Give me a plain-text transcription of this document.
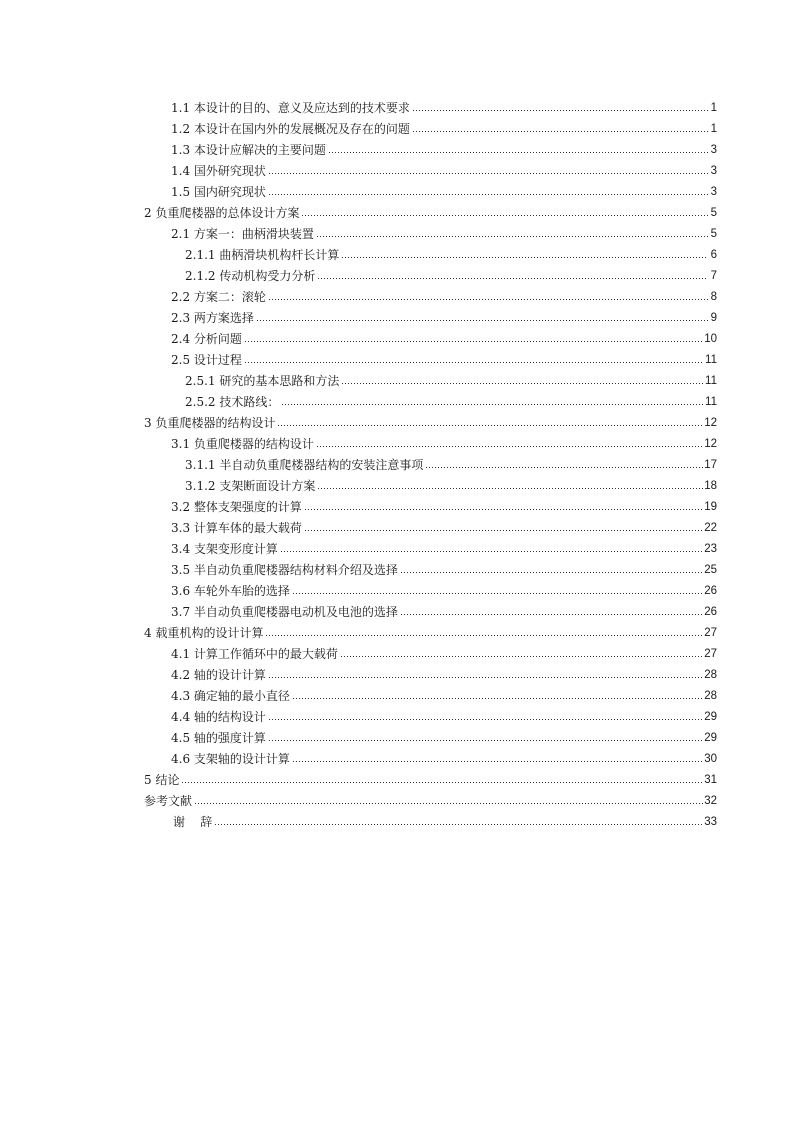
1.1 本设计的目的、意义及应达到的技术要求	1
1.2 本设计在国内外的发展概况及存在的问题	1
1.3 本设计应解决的主要问题	3
1.4 国外研究现状	3
1.5 国内研究现状	3
2 负重爬楼器的总体设计方案	5
2.1 方案一：曲柄滑块装置	5
2.1.1 曲柄滑块机构杆长计算	6
2.1.2 传动机构受力分析	7
2.2 方案二：滚轮	8
2.3 两方案选择	9
2.4 分析问题	10
2.5 设计过程	11
2.5.1 研究的基本思路和方法	11
2.5.2 技术路线：	11
3 负重爬楼器的结构设计	12
3.1 负重爬楼器的结构设计	12
3.1.1 半自动负重爬楼器结构的安装注意事项	17
3.1.2 支架断面设计方案	18
3.2 整体支架强度的计算	19
3.3 计算车体的最大载荷	22
3.4 支架变形度计算	23
3.5 半自动负重爬楼器结构材料介绍及选择	25
3.6 车轮外车胎的选择	26
3.7 半自动负重爬楼器电动机及电池的选择	26
4 载重机构的设计计算	27
4.1 计算工作循环中的最大载荷	27
4.2 轴的设计计算	28
4.3 确定轴的最小直径	28
4.4 轴的结构设计	29
4.5 轴的强度计算	29
4.6 支架轴的设计计算	30
5 结论	31
参考文献	32
谢    辞	33
